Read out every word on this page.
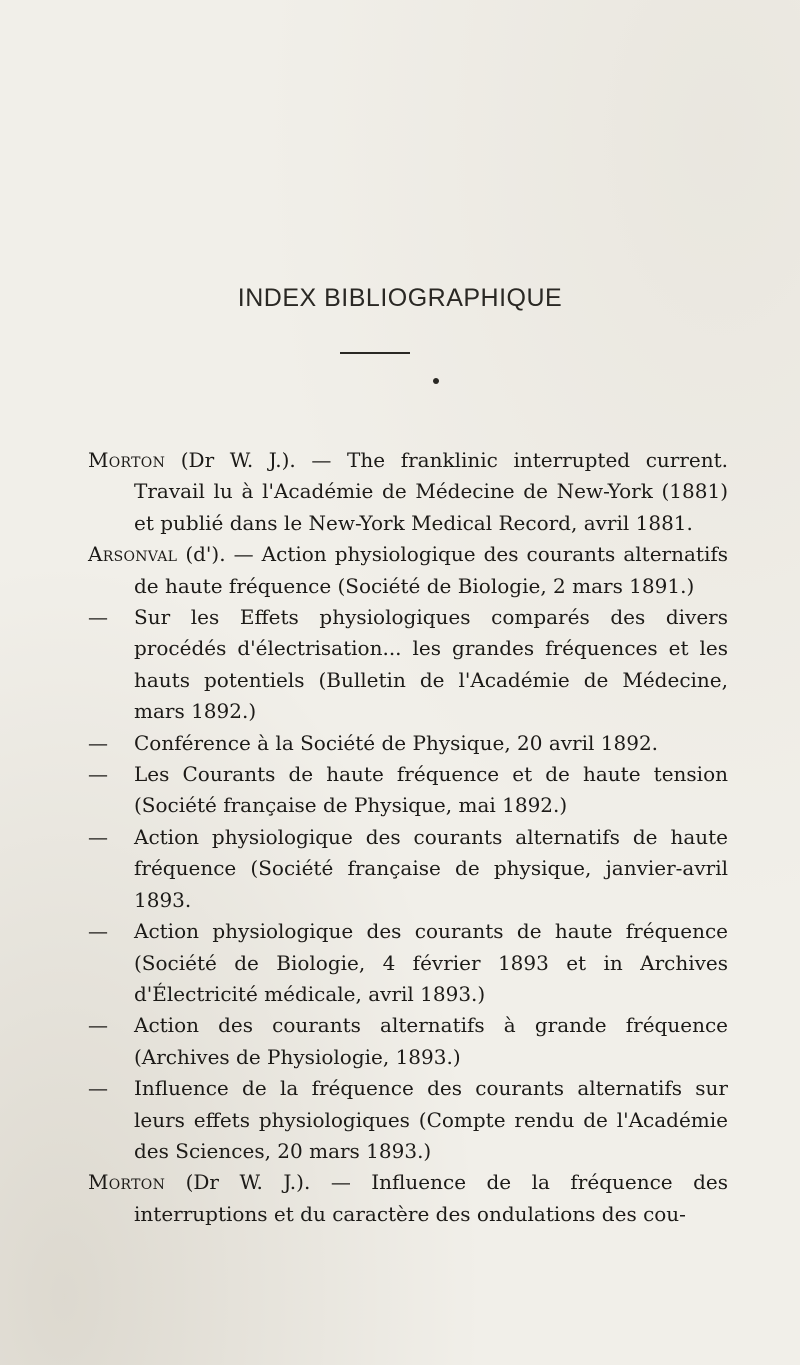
INDEX BIBLIOGRAPHIQUE

Morton (Dr W. J.). — The franklinic interrupted current. Travail lu à l'Académie de Médecine de New-York (1881) et publié dans le New-York Medical Record, avril 1881.

Arsonval (d'). — Action physiologique des courants alternatifs de haute fréquence (Société de Biologie, 2 mars 1891.)

— Sur les Effets physiologiques comparés des divers procédés d'électrisation... les grandes fréquences et les hauts potentiels (Bulletin de l'Académie de Médecine, mars 1892.)

— Conférence à la Société de Physique, 20 avril 1892.

— Les Courants de haute fréquence et de haute tension (Société française de Physique, mai 1892.)

— Action physiologique des courants alternatifs de haute fréquence (Société française de physique, janvier-avril 1893.

— Action physiologique des courants de haute fréquence (Société de Biologie, 4 février 1893 et in Archives d'Électricité médicale, avril 1893.)

— Action des courants alternatifs à grande fréquence (Archives de Physiologie, 1893.)

— Influence de la fréquence des courants alternatifs sur leurs effets physiologiques (Compte rendu de l'Académie des Sciences, 20 mars 1893.)

Morton (Dr W. J.). — Influence de la fréquence des interruptions et du caractère des ondulations des cou-
